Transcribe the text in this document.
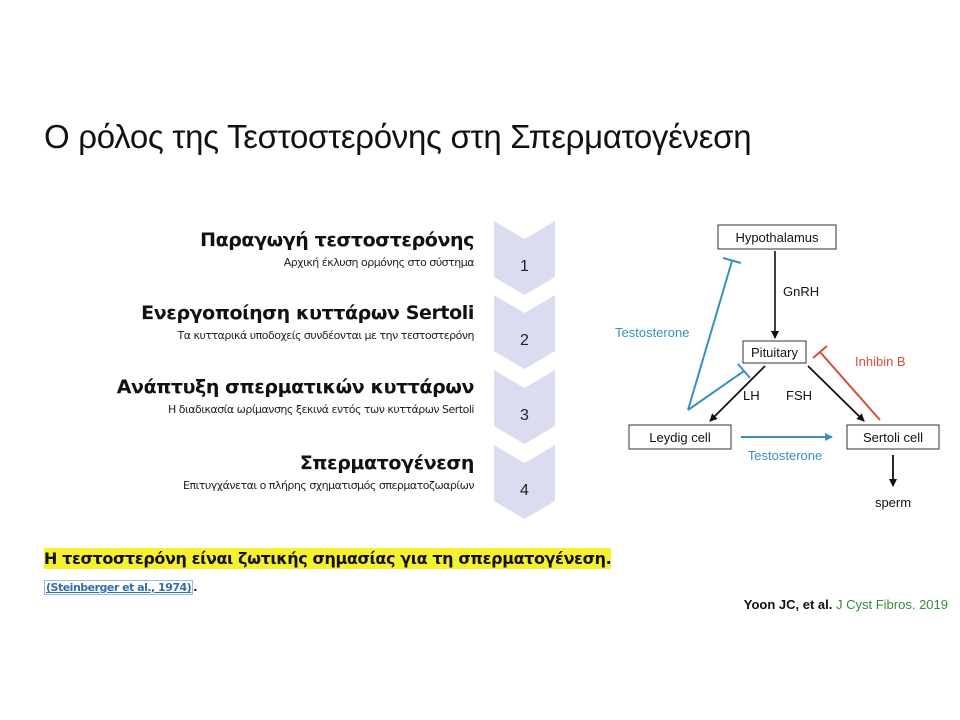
Ο ρόλος της Τεστοστερόνης στη Σπερματογένεση
1
2
3
4
Παραγωγή τεστοστερόνης
Αρχική έκλυση ορμόνης στο σύστημα
Ενεργοποίηση κυττάρων Sertoli
Τα κυτταρικά υποδοχείς συνδέονται με την τεστοστερόνη
Ανάπτυξη σπερματικών κυττάρων
Η διαδικασία ωρίμανσης ξεκινά εντός των κυττάρων Sertoli
Σπερματογένεση
Επιτυγχάνεται ο πλήρης σχηματισμός σπερματοζωαρίων
Hypothalamus
Pituitary
Leydig cell	Sertoli cell
sperm
GnRH
LH FSH
Testosterone
Testosterone
Inhibin B
Η τεστοστερόνη είναι ζωτικής σημασίας για τη σπερματογένεση.
(Steinberger et al., 1974) .
Yoon JC, et al. J Cyst Fibros. 2019
